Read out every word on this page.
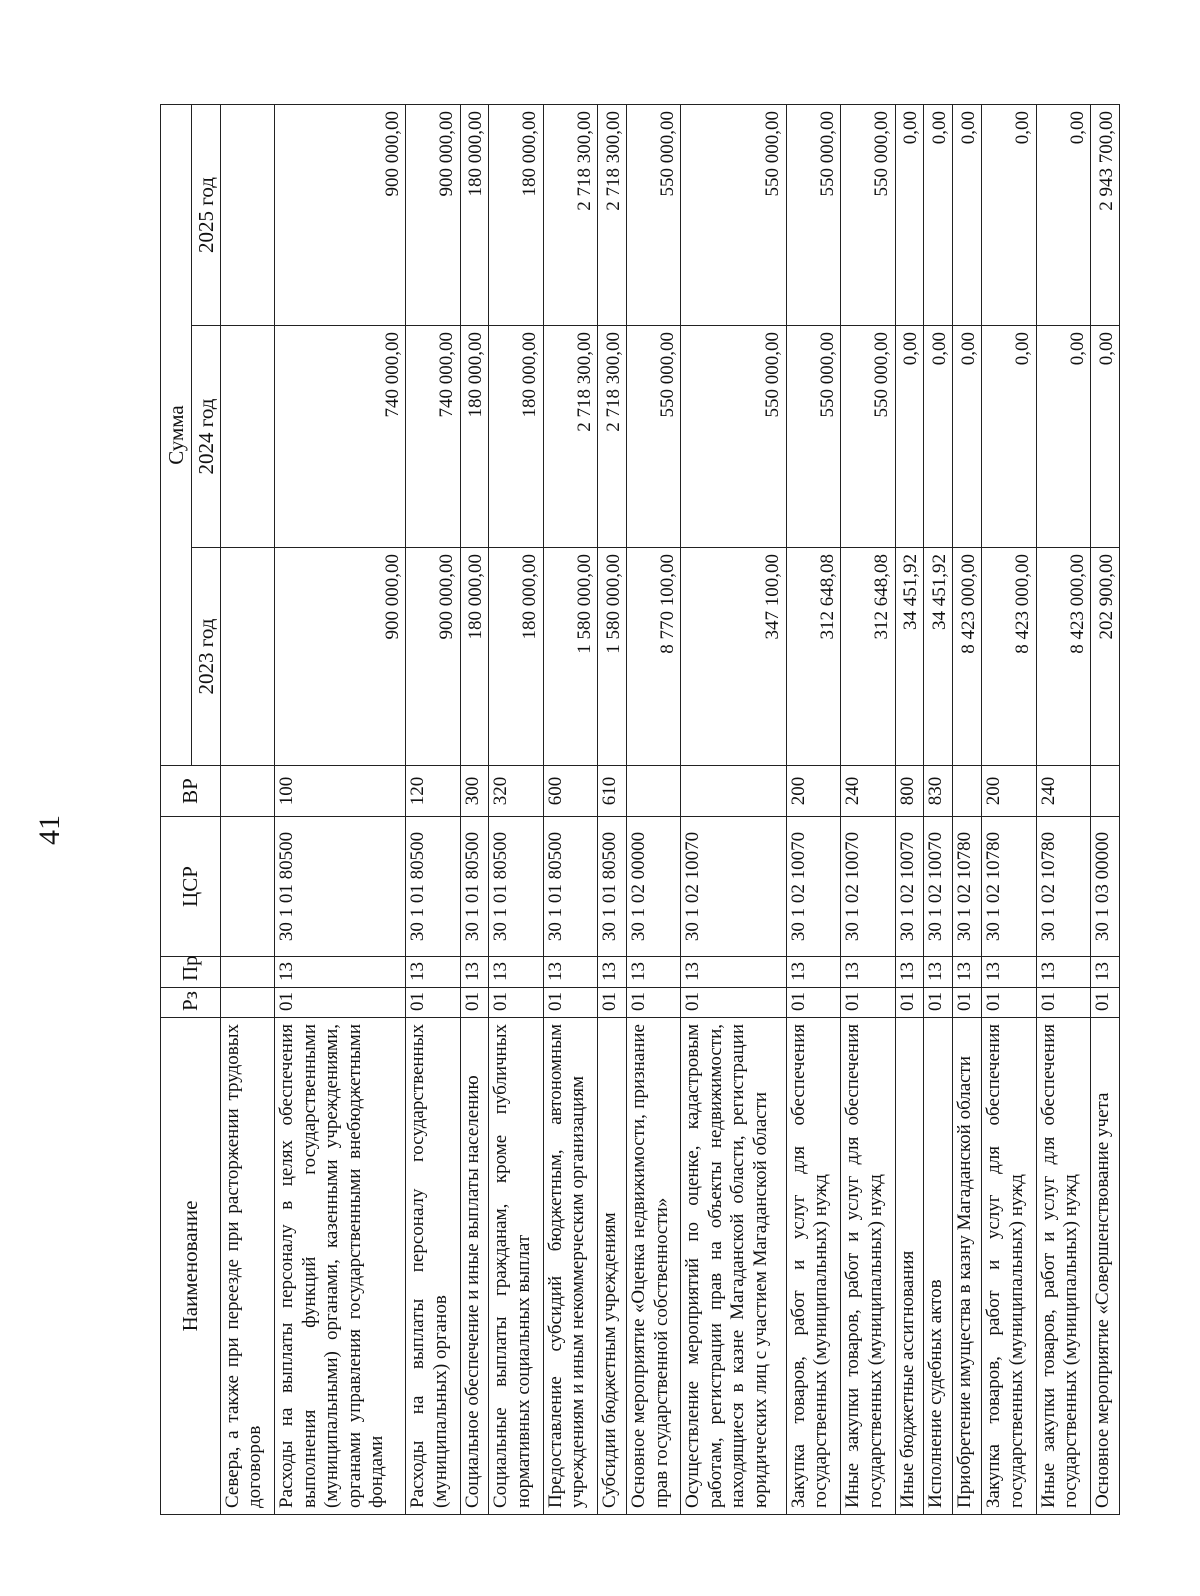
41
Наименование	Рз	Пр	ЦСР	ВР	Сумма		
					2023 год	2024 год	2025 год
Севера, а также при переезде при расторжении трудовых договоров							
Расходы на выплаты персоналу в целях обеспечения выполнения функций государственными (муниципальными) органами, казенными учреждениями, органами управления государственными внебюджетными фондами	01	13	30 1 01 80500	100	900 000,00	740 000,00	900 000,00
Расходы на выплаты персоналу государственных (муниципальных) органов	01	13	30 1 01 80500	120	900 000,00	740 000,00	900 000,00
Социальное обеспечение и иные выплаты населению	01	13	30 1 01 80500	300	180 000,00	180 000,00	180 000,00
Социальные выплаты гражданам, кроме публичных нормативных социальных выплат	01	13	30 1 01 80500	320	180 000,00	180 000,00	180 000,00
Предоставление субсидий бюджетным, автономным учреждениям и иным некоммерческим организациям	01	13	30 1 01 80500	600	1 580 000,00	2 718 300,00	2 718 300,00
Субсидии бюджетным учреждениям	01	13	30 1 01 80500	610	1 580 000,00	2 718 300,00	2 718 300,00
Основное мероприятие «Оценка недвижимости, признание прав государственной собственности»	01	13	30 1 02 00000		8 770 100,00	550 000,00	550 000,00
Осуществление мероприятий по оценке, кадастровым работам, регистрации прав на объекты недвижимости, находящиеся в казне Магаданской области, регистрации юридических лиц с участием Магаданской области	01	13	30 1 02 10070		347 100,00	550 000,00	550 000,00
Закупка товаров, работ и услуг для обеспечения государственных (муниципальных) нужд	01	13	30 1 02 10070	200	312 648,08	550 000,00	550 000,00
Иные закупки товаров, работ и услуг для обеспечения государственных (муниципальных) нужд	01	13	30 1 02 10070	240	312 648,08	550 000,00	550 000,00
Иные бюджетные ассигнования	01	13	30 1 02 10070	800	34 451,92	0,00	0,00
Исполнение судебных актов	01	13	30 1 02 10070	830	34 451,92	0,00	0,00
Приобретение имущества в казну Магаданской области	01	13	30 1 02 10780		8 423 000,00	0,00	0,00
Закупка товаров, работ и услуг для обеспечения государственных (муниципальных) нужд	01	13	30 1 02 10780	200	8 423 000,00	0,00	0,00
Иные закупки товаров, работ и услуг для обеспечения государственных (муниципальных) нужд	01	13	30 1 02 10780	240	8 423 000,00	0,00	0,00
Основное мероприятие «Совершенствование учета	01	13	30 1 03 00000		202 900,00	0,00	2 943 700,00
